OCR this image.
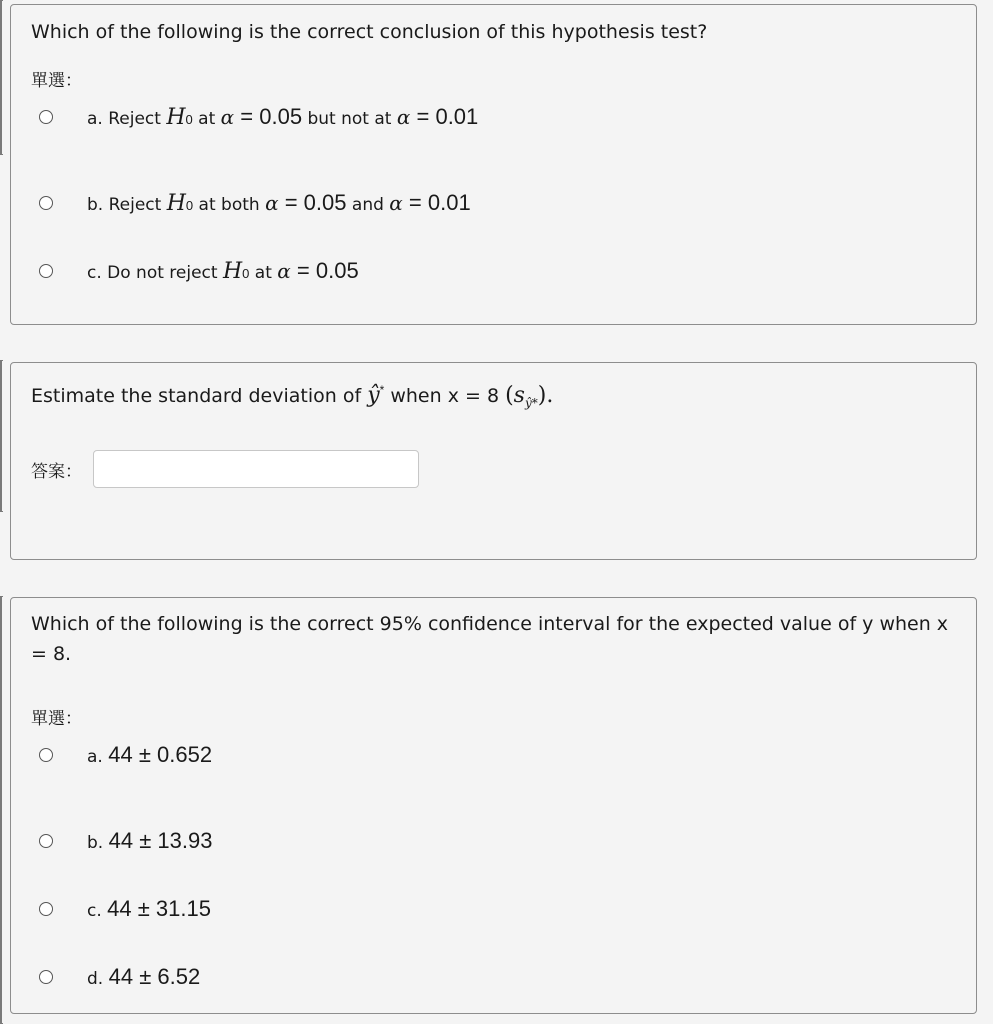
Which of the following is the correct conclusion of this hypothesis test?
單選：
a. Reject H 0 at α = 0.05 but not at α = 0.01
b. Reject H 0 at both α = 0.05 and α = 0.01
c. Do not reject H 0 at α = 0.05
Estimate the standard deviation of ŷ* when x = 8 $(s_{ŷ*})$.
答案：
Which of the following is the correct 95% confidence interval for the expected value of y when x = 8.
單選：
a. 44 ± 0.652
b. 44 ± 13.93
c. 44 ± 31.15
d. 44 ± 6.52
